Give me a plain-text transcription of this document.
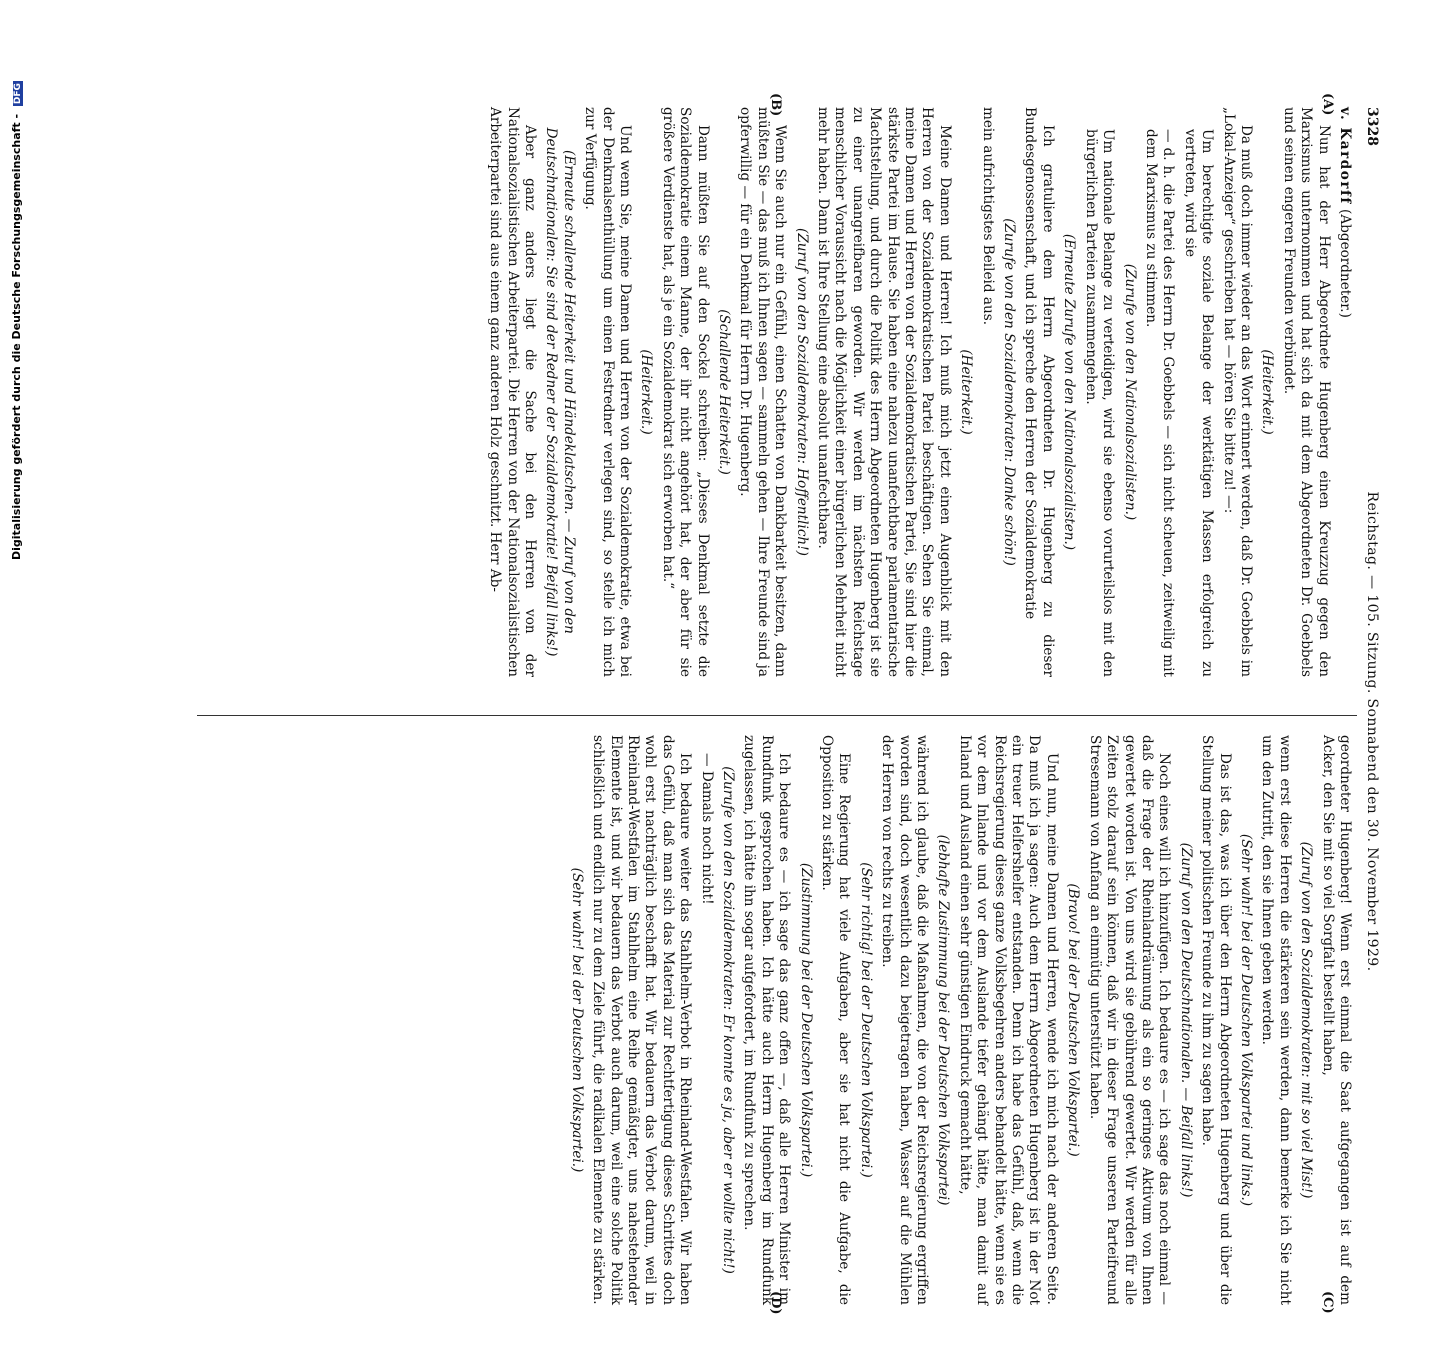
Digitalisierung gefördert durch die Deutsche Forschungsgemeinschaft - DFG
3328
Reichstag. — 105. Sitzung. Sonnabend den 30. November 1929.
(A)
(B)
(C)
(D)

v. Kardorff (Abgeordneter.)

Nun hat der Herr Abgeordnete Hugenberg einen Kreuzzug gegen den Marxismus unternommen und hat sich da mit dem Abgeordneten Dr. Goebbels und seinen engeren Freunden verbündet.

(Heiterkeit.)

Da muß doch immer wieder an das Wort erinnert werden, daß Dr. Goebbels im „Lokal-Anzeiger“ geschrieben hat — hören Sie bitte zu! —:

Um berechtigte soziale Belange der werktätigen Massen erfolgreich zu vertreten, wird sie

— d. h. die Partei des Herrn Dr. Goebbels — sich nicht scheuen, zeitweilig mit dem Marxismus zu stimmen.

(Zurufe von den Nationalsozialisten.)

Um nationale Belange zu verteidigen, wird sie ebenso vorurteilslos mit den bürgerlichen Parteien zusammengehen.

(Erneute Zurufe von den Nationalsozialisten.)

Ich gratuliere dem Herrn Abgeordneten Dr. Hugenberg zu dieser Bundesgenossenschaft, und ich spreche den Herren der Sozialdemokratie

(Zurufe von den Sozialdemokraten: Danke schön!)

mein aufrichtigstes Beileid aus.

(Heiterkeit.)

Meine Damen und Herren! Ich muß mich jetzt einen Augenblick mit den Herren von der Sozialdemokratischen Partei beschäftigen. Sehen Sie einmal, meine Damen und Herren von der Sozialdemokratischen Partei, Sie sind hier die stärkste Partei im Hause. Sie haben eine nahezu unanfechtbare parlamentarische Machtstellung, und durch die Politik des Herrn Abgeordneten Hugenberg ist sie zu einer unangreifbaren geworden. Wir werden im nächsten Reichstage menschlicher Voraussicht nach die Möglichkeit einer bürgerlichen Mehrheit nicht mehr haben. Dann ist Ihre Stellung eine absolut unanfechtbare.

(Zuruf von den Sozialdemokraten: Hoffentlich!)

Wenn Sie auch nur ein Gefühl, einen Schatten von Dankbarkeit besitzen, dann müßten Sie — das muß ich Ihnen sagen — sammeln gehen — Ihre Freunde sind ja opferwillig — für ein Denkmal für Herrn Dr. Hugenberg.

(Schallende Heiterkeit.)

Dann müßten Sie auf den Sockel schreiben: „Dieses Denkmal setzte die Sozialdemokratie einem Manne, der ihr nicht angehört hat, der aber für sie größere Verdienste hat, als je ein Sozialdemokrat sich erworben hat.“

(Heiterkeit.)

Und wenn Sie, meine Damen und Herren von der Sozialdemokratie, etwa bei der Denkmalsenthüllung um einen Festredner verlegen sind, so stelle ich mich zur Verfügung.

(Erneute schallende Heiterkeit und Händeklatschen. — Zuruf von den Deutschnationalen: Sie sind der Redner der Sozialdemokratie! Beifall links!)

Aber ganz anders liegt die Sache bei den Herren von der Nationalsozialistischen Arbeiterpartei. Die Herren von der Nationalsozialistischen Arbeiterpartei sind aus einem ganz anderen Holz geschnitzt. Herr Ab-

geordneter Hugenberg! Wenn erst einmal die Saat aufgegangen ist auf dem Acker, den Sie mit so viel Sorgfalt bestellt haben,

(Zuruf von den Sozialdemokraten: mit so viel Mist!)

wenn erst diese Herren die stärkeren sein werden, dann bemerke ich Sie nicht um den Zutritt, den sie Ihnen geben werden.

(Sehr wahr! bei der Deutschen Volkspartei und links.)

Das ist das, was ich über den Herrn Abgeordneten Hugenberg und über die Stellung meiner politischen Freunde zu ihm zu sagen habe.

(Zuruf von den Deutschnationalen. — Beifall links!)

Noch eines will ich hinzufügen. Ich bedaure es — ich sage das noch einmal — daß die Frage der Rheinlandräumung als ein so geringes Aktivum von Ihnen gewertet worden ist. Von uns wird sie gebührend gewertet. Wir werden für alle Zeiten stolz darauf sein können, daß wir in dieser Frage unseren Parteifreund Stresemann von Anfang an einmütig unterstützt haben.

(Bravo! bei der Deutschen Volkspartei.)

Und nun, meine Damen und Herren, wende ich mich nach der anderen Seite. Da muß ich ja sagen: Auch dem Herrn Abgeordneten Hugenberg ist in der Not ein treuer Helfershelfer entstanden. Denn ich habe das Gefühl, daß, wenn die Reichsregierung dieses ganze Volksbegehren anders behandelt hätte, wenn sie es vor dem Inlande und vor dem Auslande tiefer gehängt hätte, man damit auf Inland und Ausland einen sehr günstigen Eindruck gemacht hätte,

(lebhafte Zustimmung bei der Deutschen Volkspartei)

während ich glaube, daß die Maßnahmen, die von der Reichsregierung ergriffen worden sind, doch wesentlich dazu beigetragen haben, Wasser auf die Mühlen der Herren von rechts zu treiben.

(Sehr richtig! bei der Deutschen Volkspartei.)

Eine Regierung hat viele Aufgaben, aber sie hat nicht die Aufgabe, die Opposition zu stärken.

(Zustimmung bei der Deutschen Volkspartei.)

Ich bedaure es — ich sage das ganz offen —, daß alle Herren Minister im Rundfunk gesprochen haben. Ich hätte auch Herrn Hugenberg im Rundfunk zugelassen, ich hätte ihn sogar aufgefordert, im Rundfunk zu sprechen.

(Zurufe von den Sozialdemokraten: Er konnte es ja, aber er wollte nicht!)

— Damals noch nicht!

Ich bedaure weiter das Stahlhelm-Verbot in Rheinland-Westfalen. Wir haben das Gefühl, daß man sich das Material zur Rechtfertigung dieses Schrittes doch wohl erst nachträglich beschafft hat. Wir bedauern das Verbot darum, weil in Rheinland-Westfalen im Stahlhelm eine Reihe gemäßigter, uns nahestehender Elemente ist, und wir bedauern das Verbot auch darum, weil eine solche Politik schließlich und endlich nur zu dem Ziele führt, die radikalen Elemente zu stärken.

(Sehr wahr! bei der Deutschen Volkspartei.)
